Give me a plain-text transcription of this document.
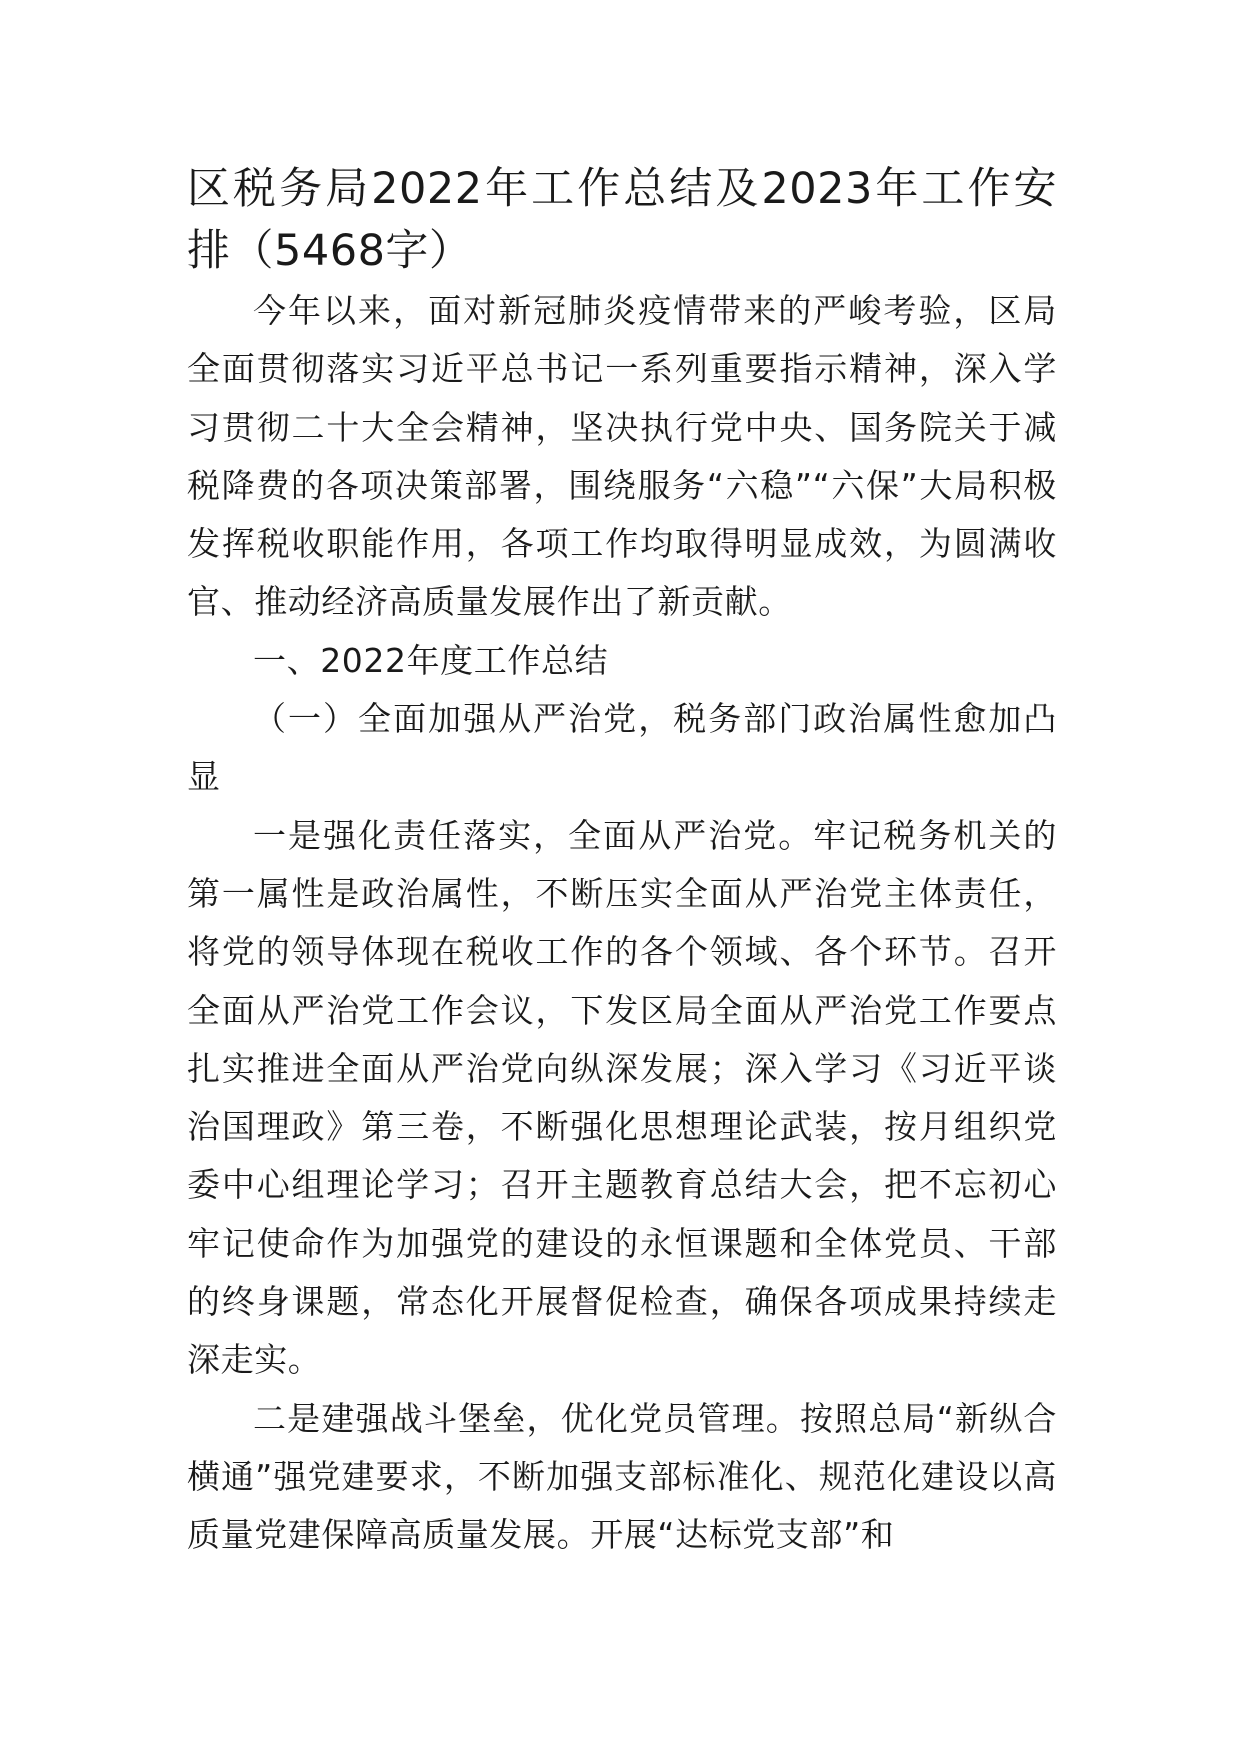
区税务局2022年工作总结及2023年工作安排（5468字）

今年以来，面对新冠肺炎疫情带来的严峻考验，区局全面贯彻落实习近平总书记一系列重要指示精神，深入学习贯彻二十大全会精神，坚决执行党中央、国务院关于减税降费的各项决策部署，围绕服务“六稳”“六保”大局积极发挥税收职能作用，各项工作均取得明显成效，为圆满收官、推动经济高质量发展作出了新贡献。

一、2022年度工作总结

（一）全面加强从严治党，税务部门政治属性愈加凸显

一是强化责任落实，全面从严治党。牢记税务机关的第一属性是政治属性，不断压实全面从严治党主体责任，将党的领导体现在税收工作的各个领域、各个环节。召开全面从严治党工作会议，下发区局全面从严治党工作要点扎实推进全面从严治党向纵深发展；深入学习《习近平谈治国理政》第三卷，不断强化思想理论武装，按月组织党委中心组理论学习；召开主题教育总结大会，把不忘初心牢记使命作为加强党的建设的永恒课题和全体党员、干部的终身课题，常态化开展督促检查，确保各项成果持续走深走实。

二是建强战斗堡垒，优化党员管理。按照总局“新纵合横通”强党建要求，不断加强支部标准化、规范化建设以高质量党建保障高质量发展。开展“达标党支部”和
